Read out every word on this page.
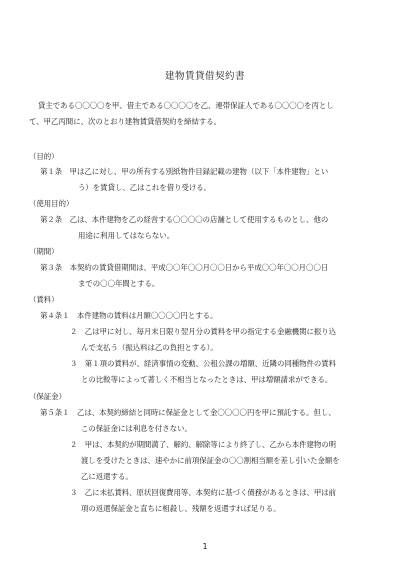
建物賃貸借契約書
貸主である〇〇〇〇を甲、借主である〇〇〇〇を乙、連帯保証人である〇〇〇〇を丙とし
て、甲乙丙間に、次のとおり建物賃貸借契約を締結する。
（目的）
第１条　甲は乙に対し、甲の所有する別紙物件目録記載の建物（以下「本件建物」とい
う）を賃貸し、乙はこれを借り受ける。
（使用目的）
第２条　乙は、本件建物を乙の経営する〇〇〇〇の店舗として使用するものとし、他の
用途に利用してはならない。
（期間）
第３条　本契約の賃貸借期間は、平成〇〇年〇〇月〇〇日から平成〇〇年〇〇月〇〇日
までの〇〇年間とする。
（賃料）
第４条１　本件建物の賃料は月額〇〇〇〇円とする。
２　乙は甲に対し、毎月末日限り翌月分の賃料を甲の指定する金融機関に振り込
んで支払う（振込料は乙の負担とする）。
３　第１項の賃料が、経済事情の変動、公租公課の増額、近隣の同種物件の賃料
との比較等によって著しく不相当となったときは、甲は増額請求ができる。
（保証金）
第５条１　乙は、本契約締結と同時に保証金として金〇〇〇〇円を甲に預託する。但し、
この保証金には利息を付さない。
２　甲は、本契約が期間満了、解約、解除等により終了し、乙から本件建物の明
渡しを受けたときは、速やかに前項保証金の〇〇割相当額を差し引いた金額を
乙に返還する。
３　乙に未払賃料、原状回復費用等、本契約に基づく債務があるときは、甲は前
項の返還保証金と直ちに相殺し、残額を返還すれば足りる。
1
